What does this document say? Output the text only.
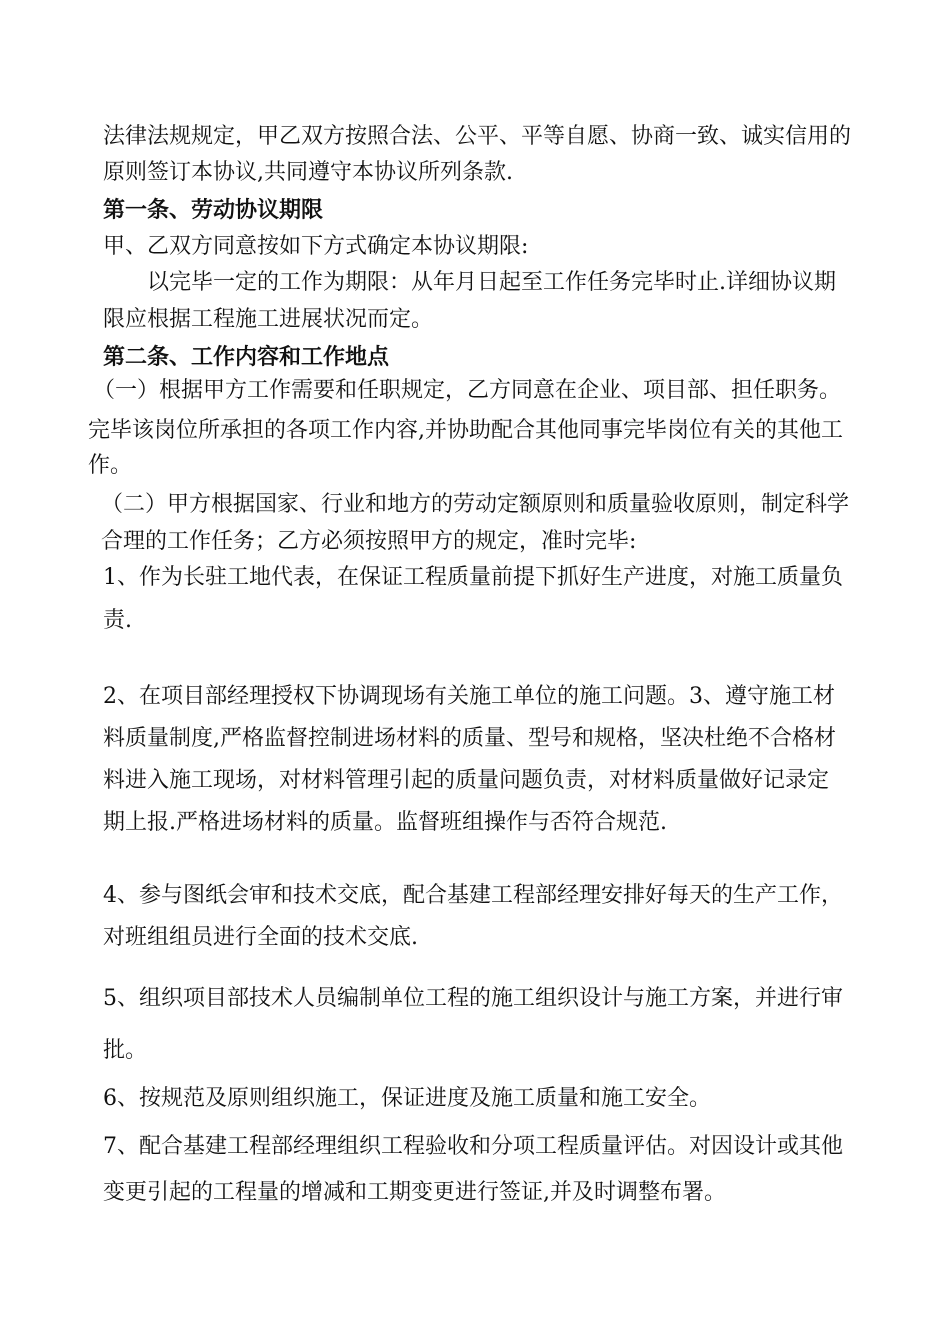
法律法规规定，甲乙双方按照合法、公平、平等自愿、协商一致、诚实信用的

原则签订本协议,共同遵守本协议所列条款.

第一条、劳动协议期限

甲、乙双方同意按如下方式确定本协议期限:

以完毕一定的工作为期限：从年月日起至工作任务完毕时止.详细协议期

限应根据工程施工进展状况而定。

第二条、工作内容和工作地点

（一）根据甲方工作需要和任职规定，乙方同意在企业、项目部、担任职务。

完毕该岗位所承担的各项工作内容,并协助配合其他同事完毕岗位有关的其他工

作。

（二）甲方根据国家、行业和地方的劳动定额原则和质量验收原则，制定科学

合理的工作任务；乙方必须按照甲方的规定，准时完毕:

1、作为长驻工地代表，在保证工程质量前提下抓好生产进度，对施工质量负

责.

2、在项目部经理授权下协调现场有关施工单位的施工问题。3、遵守施工材

料质量制度,严格监督控制进场材料的质量、型号和规格，坚决杜绝不合格材

料进入施工现场，对材料管理引起的质量问题负责，对材料质量做好记录定

期上报.严格进场材料的质量。监督班组操作与否符合规范.

4、参与图纸会审和技术交底，配合基建工程部经理安排好每天的生产工作，

对班组组员进行全面的技术交底.

5、组织项目部技术人员编制单位工程的施工组织设计与施工方案，并进行审

批。

6、按规范及原则组织施工，保证进度及施工质量和施工安全。

7、配合基建工程部经理组织工程验收和分项工程质量评估。对因设计或其他

变更引起的工程量的增减和工期变更进行签证,并及时调整布署。
